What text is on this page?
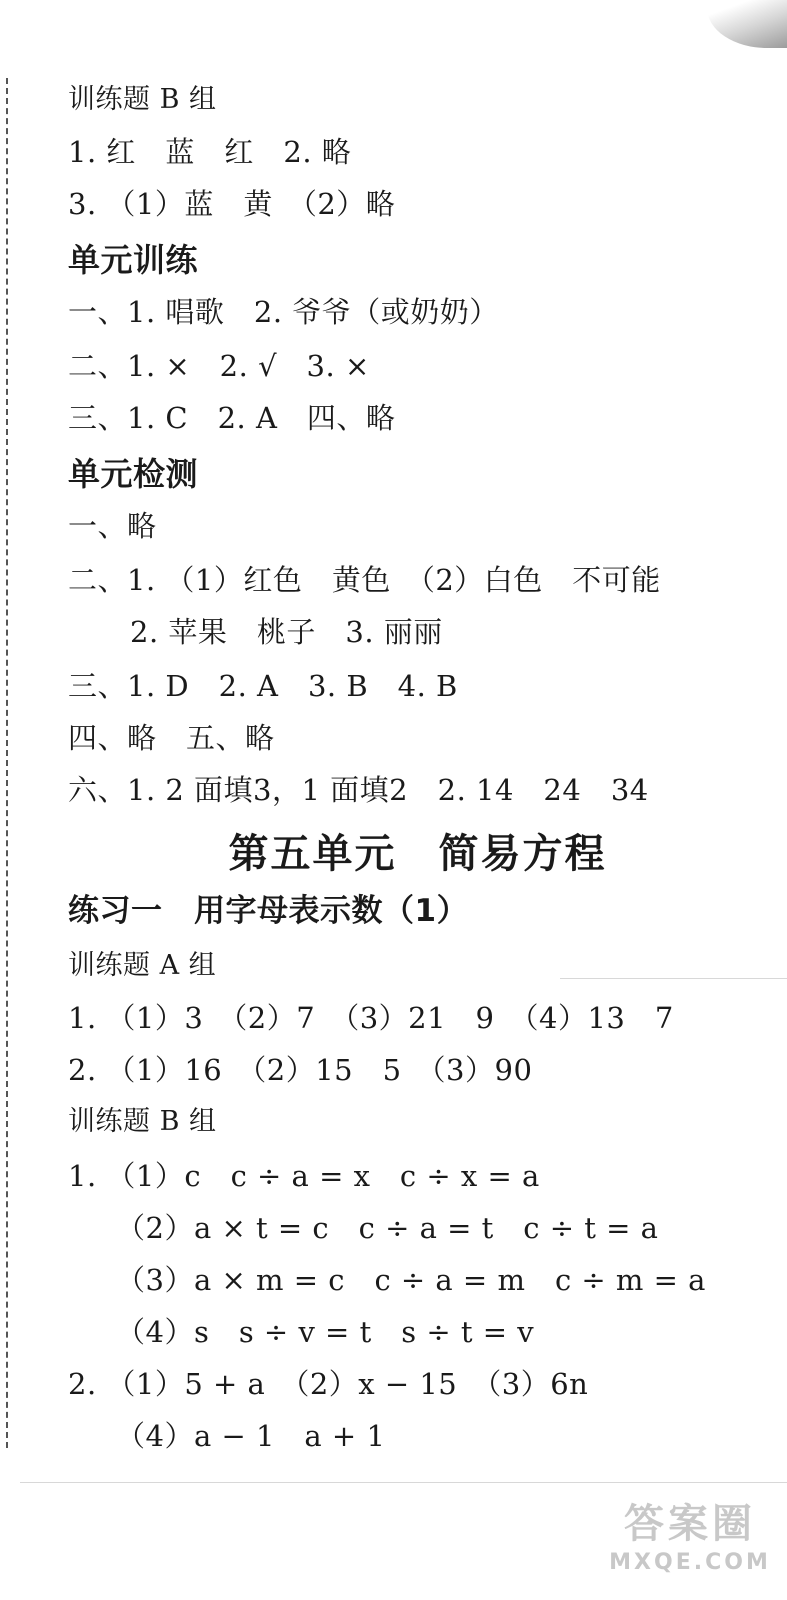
训练题 B 组
1. 红　蓝　红　2. 略
3. （1）蓝　黄　（2）略
单元训练
一、1. 唱歌　2. 爷爷（或奶奶）
二、1. ×　2. √　3. ×
三、1. C　2. A　四、略
单元检测
一、略
二、1. （1）红色　黄色　（2）白色　不可能
2. 苹果　桃子　3. 丽丽
三、1. D　2. A　3. B　4. B
四、略　五、略
六、1. 2 面填3，1 面填2　2. 14　24　34
第五单元　简易方程
练习一　用字母表示数（1）
训练题 A 组
1. （1）3　（2）7　（3）21　9　（4）13　7
2. （1）16　（2）15　5　（3）90
训练题 B 组
1. （1）c　c ÷ a = x　c ÷ x = a
（2）a × t = c　c ÷ a = t　c ÷ t = a
（3）a × m = c　c ÷ a = m　c ÷ m = a
（4）s　s ÷ v = t　s ÷ t = v
2. （1）5 + a　（2）x − 15　（3）6n
（4）a − 1　a + 1
答案圈
MXQE.COM
